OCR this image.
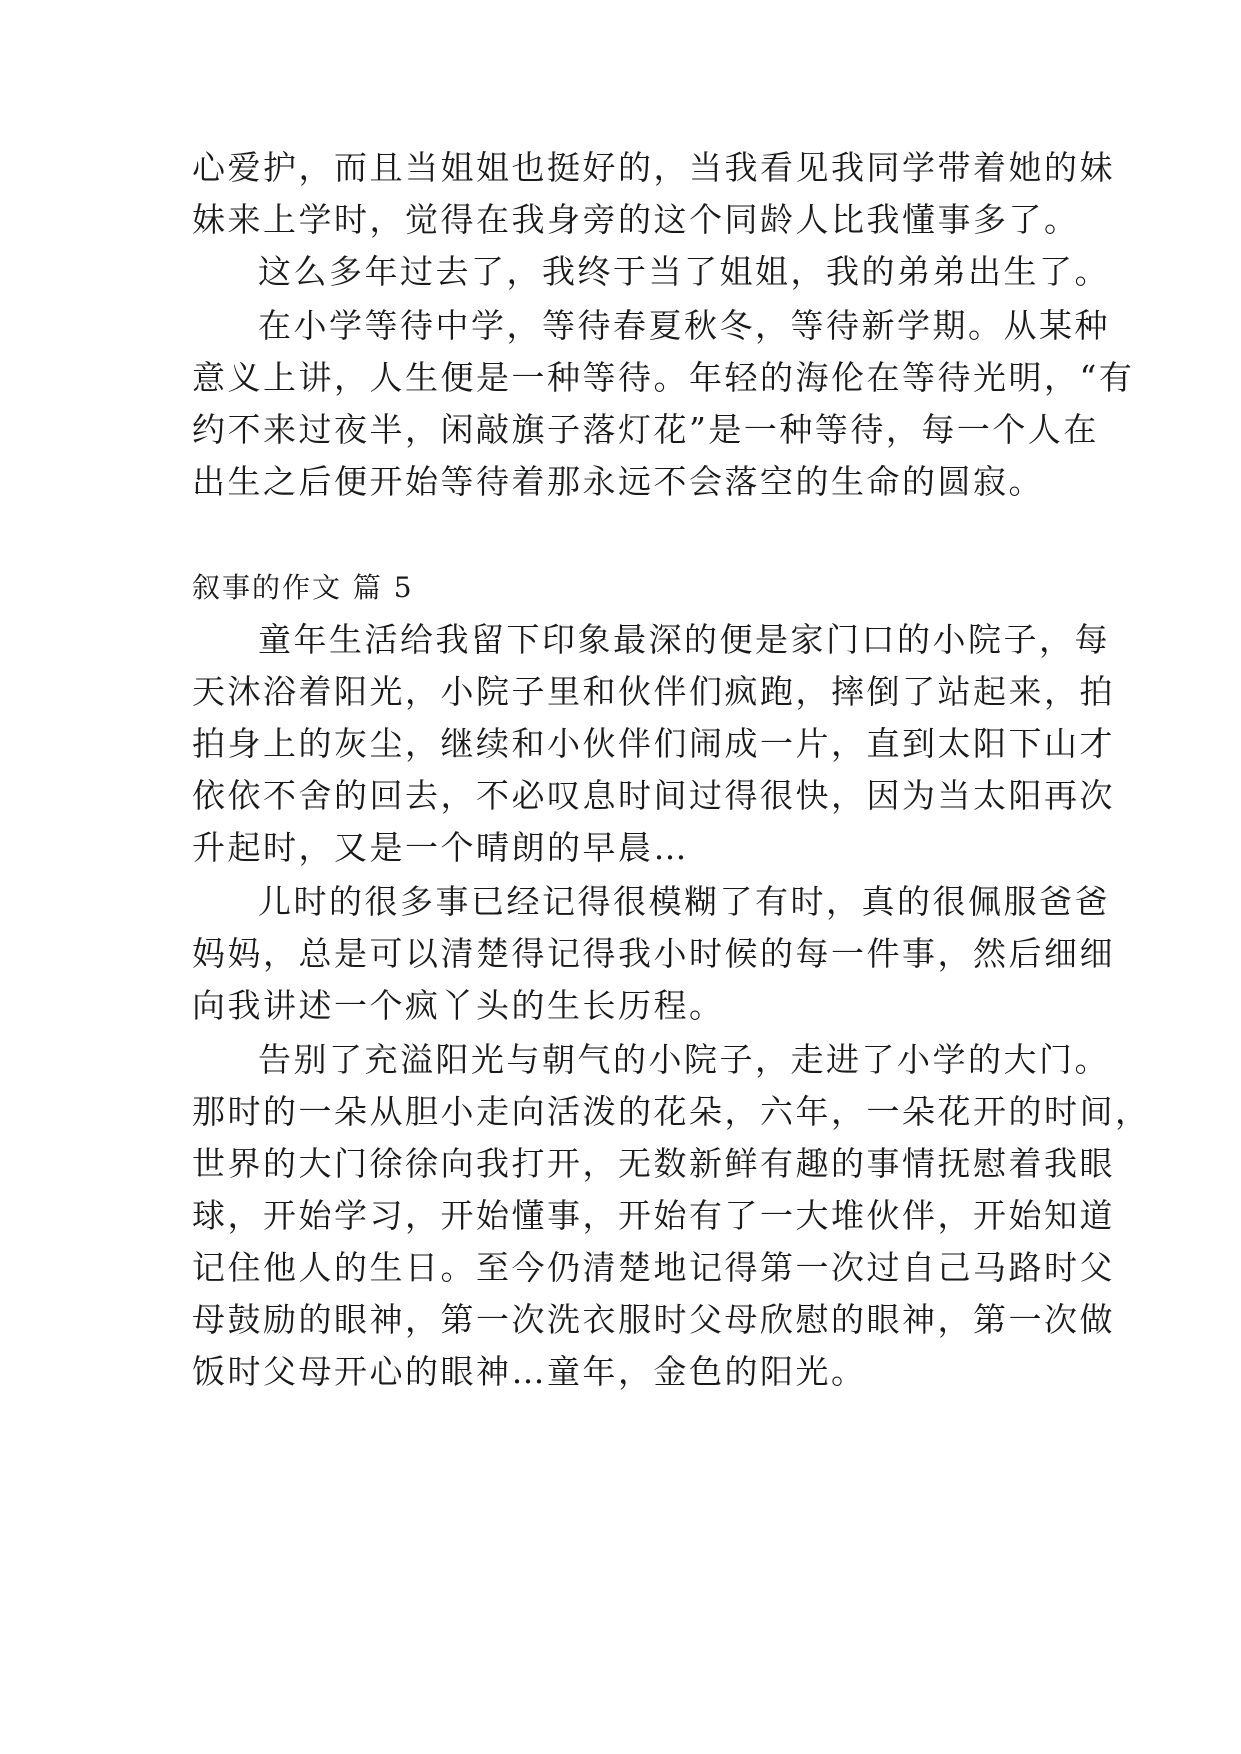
心爱护，而且当姐姐也挺好的，当我看见我同学带着她的妹
妹来上学时，觉得在我身旁的这个同龄人比我懂事多了。
这么多年过去了，我终于当了姐姐，我的弟弟出生了。
在小学等待中学，等待春夏秋冬，等待新学期。从某种
意义上讲，人生便是一种等待。年轻的海伦在等待光明，“有
约不来过夜半，闲敲旗子落灯花”是一种等待，每一个人在
出生之后便开始等待着那永远不会落空的生命的圆寂。
叙事的作文 篇 5
童年生活给我留下印象最深的便是家门口的小院子，每
天沐浴着阳光，小院子里和伙伴们疯跑，摔倒了站起来，拍
拍身上的灰尘，继续和小伙伴们闹成一片，直到太阳下山才
依依不舍的回去，不必叹息时间过得很快，因为当太阳再次
升起时，又是一个晴朗的早晨…
儿时的很多事已经记得很模糊了有时，真的很佩服爸爸
妈妈，总是可以清楚得记得我小时候的每一件事，然后细细
向我讲述一个疯丫头的生长历程。
告别了充溢阳光与朝气的小院子，走进了小学的大门。
那时的一朵从胆小走向活泼的花朵，六年，一朵花开的时间，
世界的大门徐徐向我打开，无数新鲜有趣的事情抚慰着我眼
球，开始学习，开始懂事，开始有了一大堆伙伴，开始知道
记住他人的生日。至今仍清楚地记得第一次过自己马路时父
母鼓励的眼神，第一次洗衣服时父母欣慰的眼神，第一次做
饭时父母开心的眼神…童年，金色的阳光。
